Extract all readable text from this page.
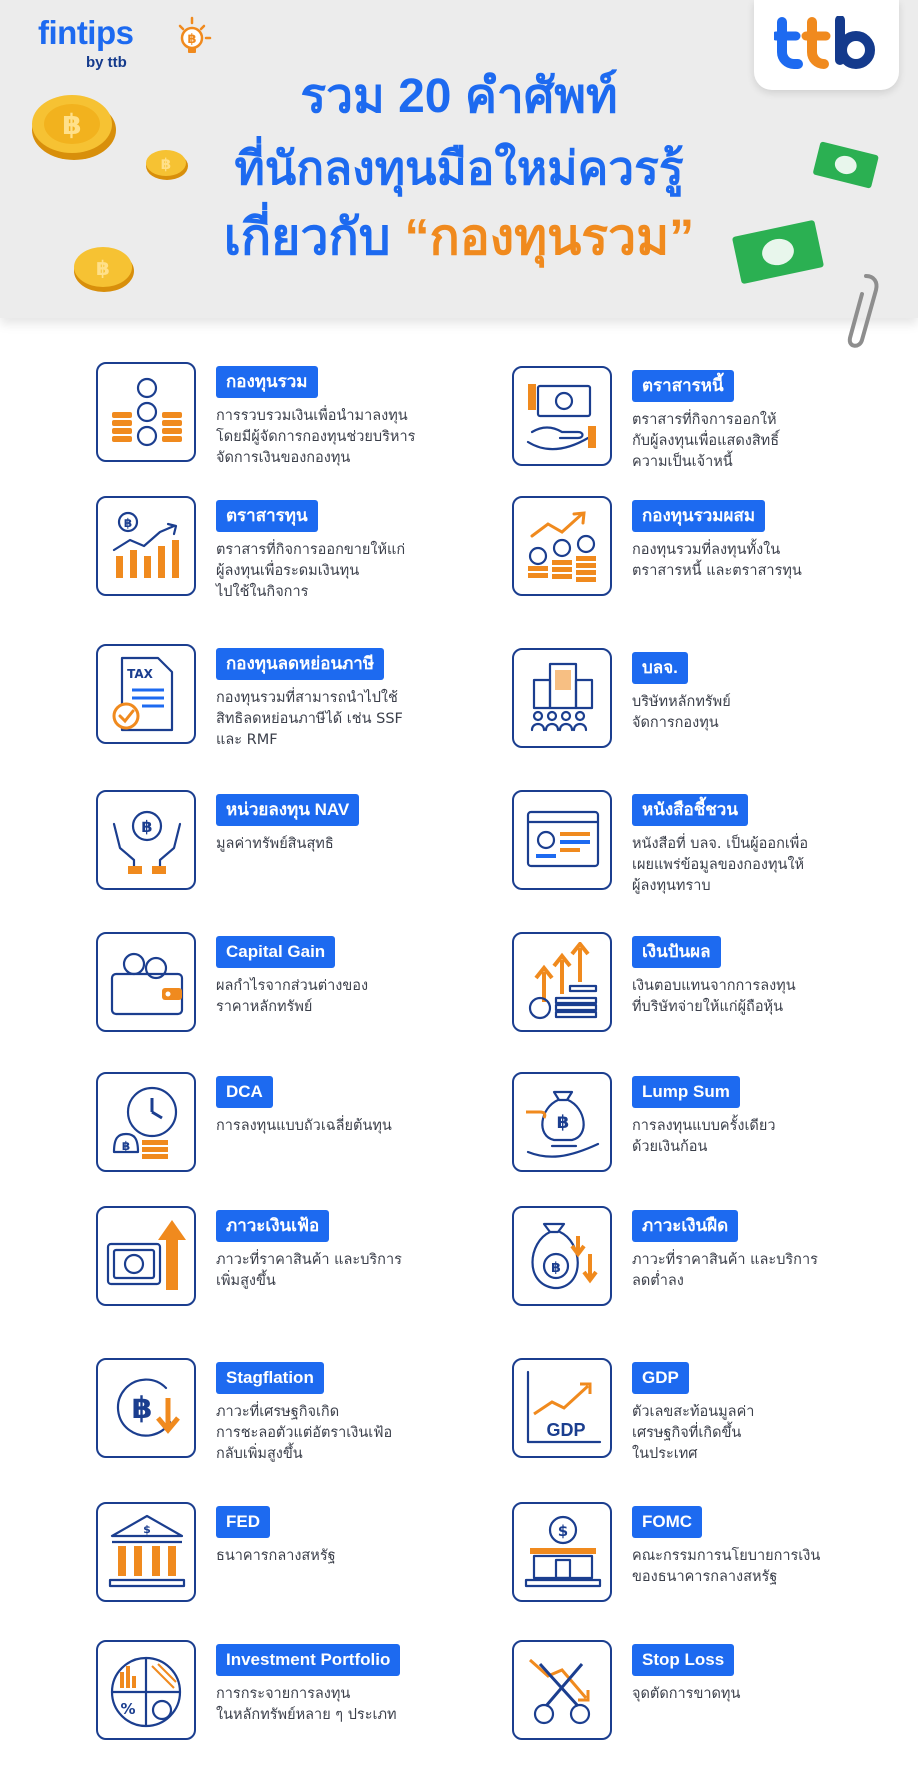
fintips
by ttb
฿
฿
฿
฿
รวม 20 คำศัพท์
ที่นักลงทุนมือใหม่ควรรู้
เกี่ยวกับ “กองทุนรวม”
กองทุนรวม
การรวบรวมเงินเพื่อนำมาลงทุน
โดยมีผู้จัดการกองทุนช่วยบริหาร
จัดการเงินของกองทุน
ตราสารหนี้
ตราสารที่กิจการออกให้
กับผู้ลงทุนเพื่อแสดงสิทธิ์
ความเป็นเจ้าหนี้
฿	ตราสารทุน
ตราสารที่กิจการออกขายให้แก่
ผู้ลงทุนเพื่อระดมเงินทุน
ไปใช้ในกิจการ
กองทุนรวมผสม
กองทุนรวมที่ลงทุนทั้งใน
ตราสารหนี้ และตราสารทุน
TAX
กองทุนลดหย่อนภาษี
กองทุนรวมที่สามารถนำไปใช้
สิทธิลดหย่อนภาษีได้ เช่น SSF
และ RMF
บลจ.
บริษัทหลักทรัพย์
จัดการกองทุน
฿
หน่วยลงทุน NAV
มูลค่าทรัพย์สินสุทธิ
หนังสือชี้ชวน
หนังสือที่ บลจ. เป็นผู้ออกเพื่อ
เผยแพร่ข้อมูลของกองทุนให้
ผู้ลงทุนทราบ
Capital Gain
ผลกำไรจากส่วนต่างของ
ราคาหลักทรัพย์
เงินปันผล
เงินตอบแทนจากการลงทุน
ที่บริษัทจ่ายให้แก่ผู้ถือหุ้น
฿
DCA
การลงทุนแบบถัวเฉลี่ยต้นทุน	฿
Lump Sum
การลงทุนแบบครั้งเดียว
ด้วยเงินก้อน
ภาวะเงินเฟ้อ
ภาวะที่ราคาสินค้า และบริการ
เพิ่มสูงขึ้น
฿
ภาวะเงินฝืด
ภาวะที่ราคาสินค้า และบริการ
ลดต่ำลง
฿
Stagflation
ภาวะที่เศรษฐกิจเกิด
การชะลอตัวแต่อัตราเงินเฟ้อ
กลับเพิ่มสูงขึ้น
GDP
GDP
ตัวเลขสะท้อนมูลค่า
เศรษฐกิจที่เกิดขึ้น
ในประเทศ
$	FED
ธนาคารกลางสหรัฐ
$	FOMC
คณะกรรมการนโยบายการเงิน
ของธนาคารกลางสหรัฐ
%
Investment Portfolio
การกระจายการลงทุน
ในหลักทรัพย์หลาย ๆ ประเภท
Stop Loss
จุดตัดการขาดทุน
